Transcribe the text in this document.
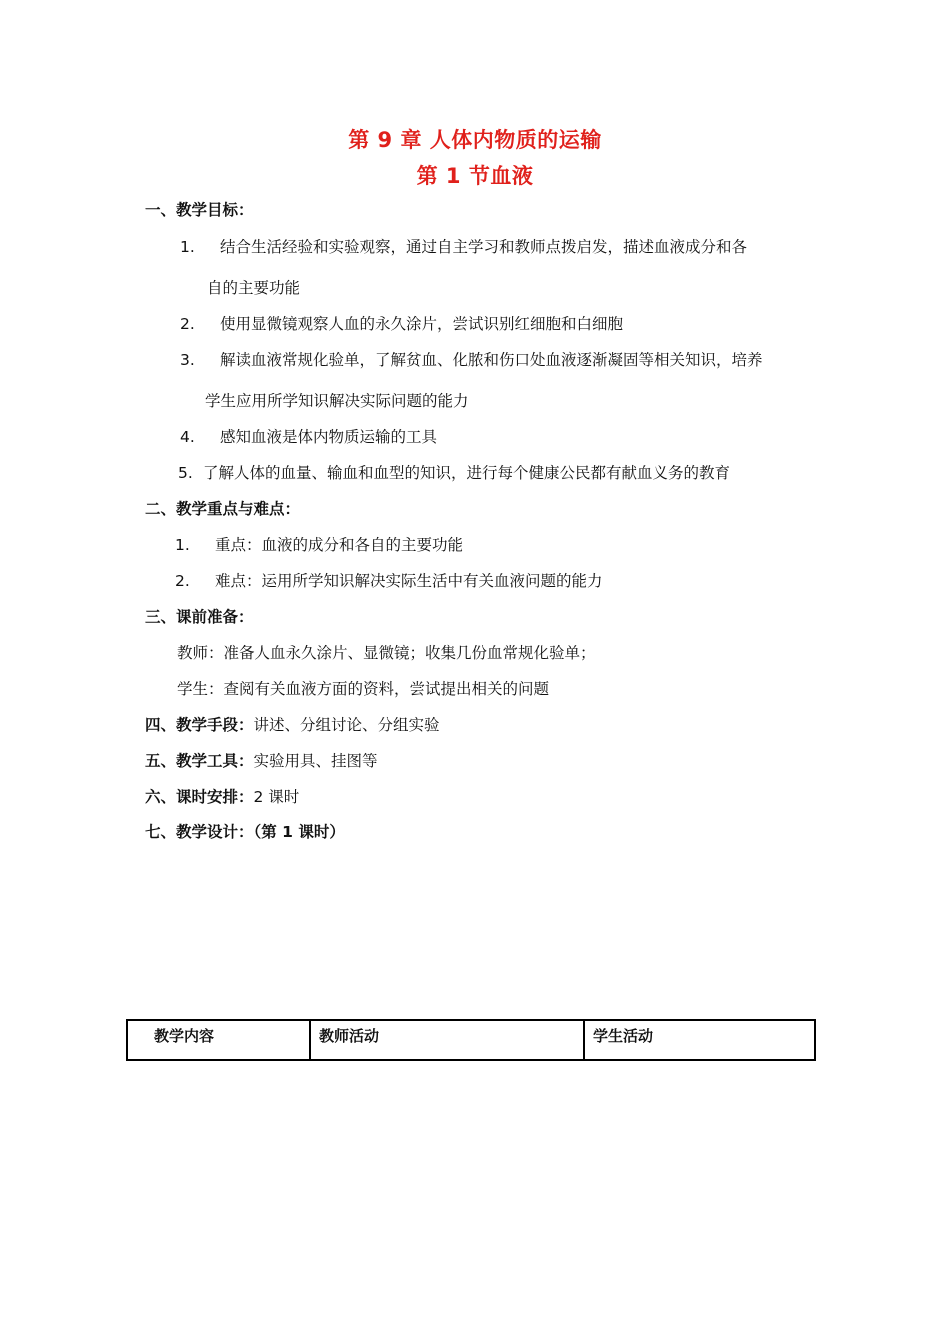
第 9 章 人体内物质的运输
第 1 节血液
一、教学目标：
1. 结合生活经验和实验观察，通过自主学习和教师点拨启发，描述血液成分和各
自的主要功能
2. 使用显微镜观察人血的永久涂片，尝试识别红细胞和白细胞
3. 解读血液常规化验单，了解贫血、化脓和伤口处血液逐渐凝固等相关知识，培养
学生应用所学知识解决实际问题的能力
4. 感知血液是体内物质运输的工具
5. 了解人体的血量、输血和血型的知识，进行每个健康公民都有献血义务的教育
二、教学重点与难点：
1. 重点：血液的成分和各自的主要功能
2. 难点：运用所学知识解决实际生活中有关血液问题的能力
三、课前准备：
教师：准备人血永久涂片、显微镜；收集几份血常规化验单；
学生：查阅有关血液方面的资料，尝试提出相关的问题
四、教学手段：讲述、分组讨论、分组实验
五、教学工具：实验用具、挂图等
六、课时安排：2 课时
七、教学设计：（第 1 课时）
教学内容	教师活动	学生活动
